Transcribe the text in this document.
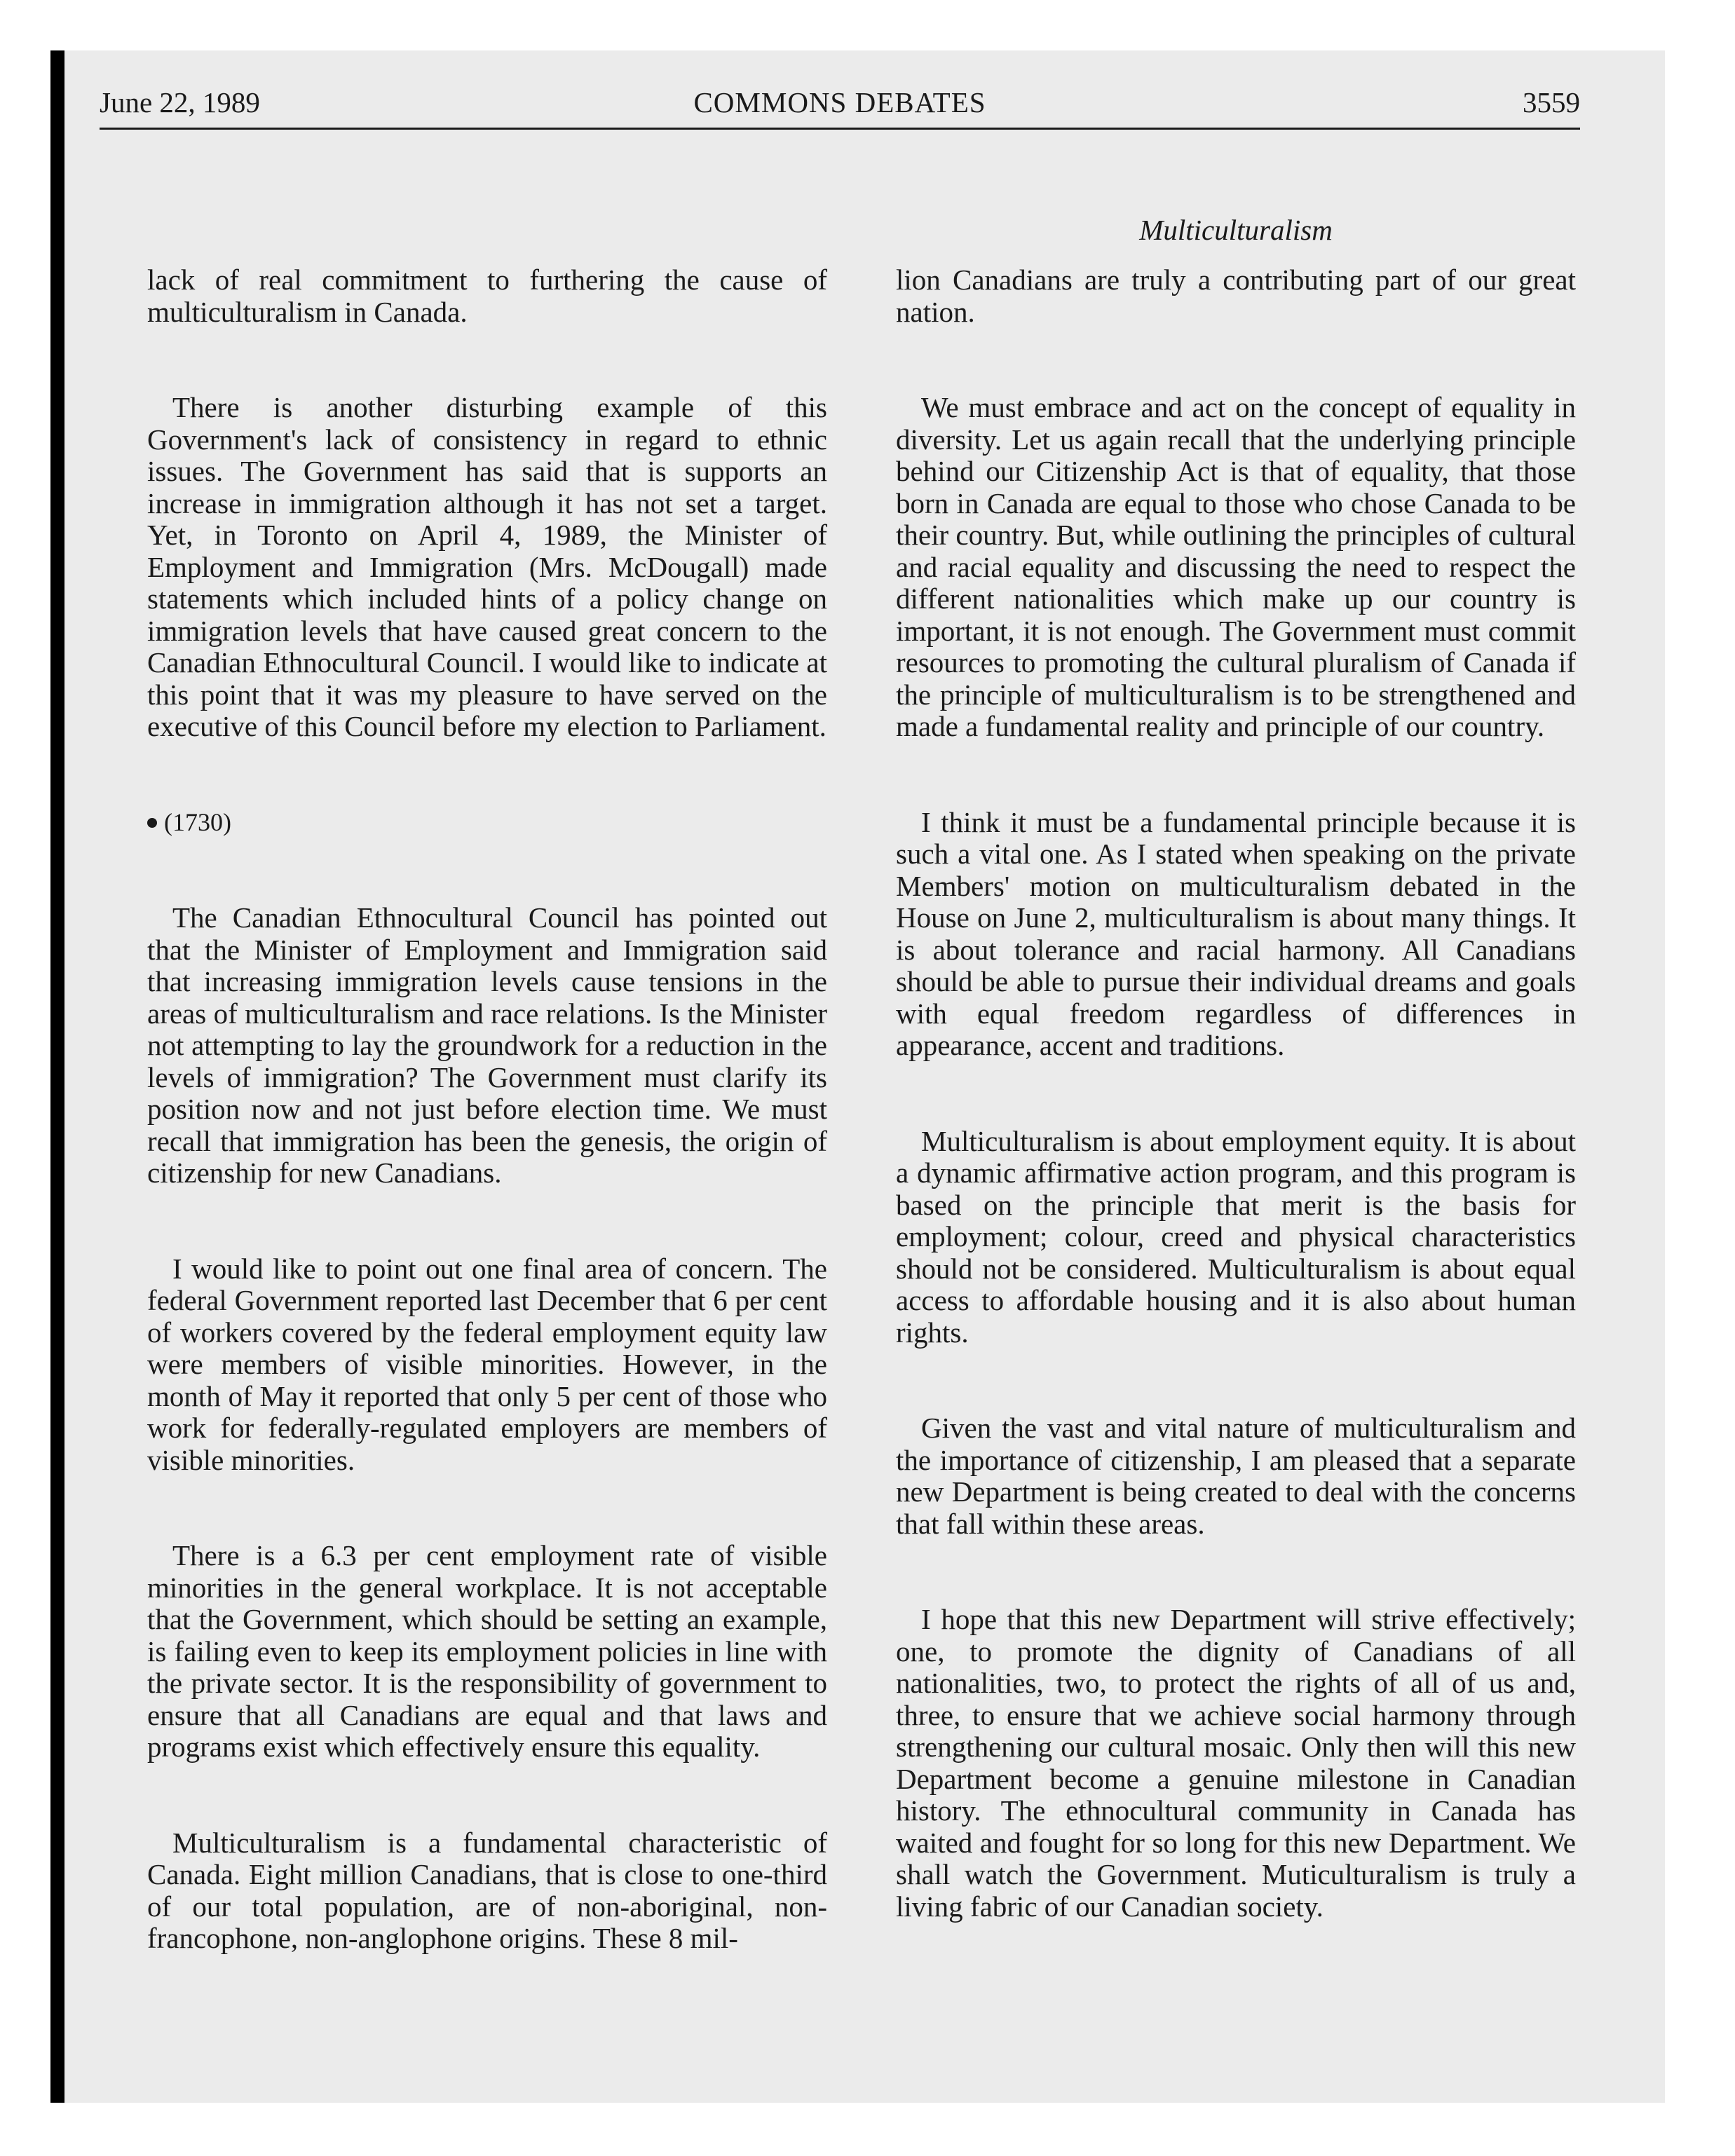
June 22, 1989	COMMONS DEBATES	3559
Multiculturalism

lack of real commitment to furthering the cause of multiculturalism in Canada.

There is another disturbing example of this Government's lack of consistency in regard to ethnic issues. The Government has said that is supports an increase in immigration although it has not set a target. Yet, in Toronto on April 4, 1989, the Minister of Employment and Immigration (Mrs. McDougall) made statements which included hints of a policy change on immigration levels that have caused great concern to the Canadian Ethnocultural Council. I would like to indicate at this point that it was my pleasure to have served on the executive of this Council before my election to Parliament.

(1730)

The Canadian Ethnocultural Council has pointed out that the Minister of Employment and Immigration said that increasing immigration levels cause tensions in the areas of multiculturalism and race relations. Is the Minister not attempting to lay the groundwork for a reduction in the levels of immigration? The Government must clarify its position now and not just before election time. We must recall that immigration has been the genesis, the origin of citizenship for new Canadians.

I would like to point out one final area of concern. The federal Government reported last December that 6 per cent of workers covered by the federal employment equity law were members of visible minorities. However, in the month of May it reported that only 5 per cent of those who work for federally-regulated employers are members of visible minorities.

There is a 6.3 per cent employment rate of visible minorities in the general workplace. It is not acceptable that the Government, which should be setting an example, is failing even to keep its employment policies in line with the private sector. It is the responsibility of government to ensure that all Canadians are equal and that laws and programs exist which effectively ensure this equality.

Multiculturalism is a fundamental characteristic of Canada. Eight million Canadians, that is close to one-third of our total population, are of non-aboriginal, non-francophone, non-anglophone origins. These 8 mil-

lion Canadians are truly a contributing part of our great nation.

We must embrace and act on the concept of equality in diversity. Let us again recall that the underlying principle behind our Citizenship Act is that of equality, that those born in Canada are equal to those who chose Canada to be their country. But, while outlining the principles of cultural and racial equality and discussing the need to respect the different nationalities which make up our country is important, it is not enough. The Government must commit resources to promoting the cultural pluralism of Canada if the principle of multiculturalism is to be strengthened and made a fundamental reality and principle of our country.

I think it must be a fundamental principle because it is such a vital one. As I stated when speaking on the private Members' motion on multiculturalism debated in the House on June 2, multiculturalism is about many things. It is about tolerance and racial harmony. All Canadians should be able to pursue their individual dreams and goals with equal freedom regardless of differences in appearance, accent and traditions.

Multiculturalism is about employment equity. It is about a dynamic affirmative action program, and this program is based on the principle that merit is the basis for employment; colour, creed and physical characteristics should not be considered. Multiculturalism is about equal access to affordable housing and it is also about human rights.

Given the vast and vital nature of multiculturalism and the importance of citizenship, I am pleased that a separate new Department is being created to deal with the concerns that fall within these areas.

I hope that this new Department will strive effectively; one, to promote the dignity of Canadians of all nationalities, two, to protect the rights of all of us and, three, to ensure that we achieve social harmony through strengthening our cultural mosaic. Only then will this new Department become a genuine milestone in Canadian history. The ethnocultural community in Canada has waited and fought for so long for this new Department. We shall watch the Government. Muticulturalism is truly a living fabric of our Canadian society.
